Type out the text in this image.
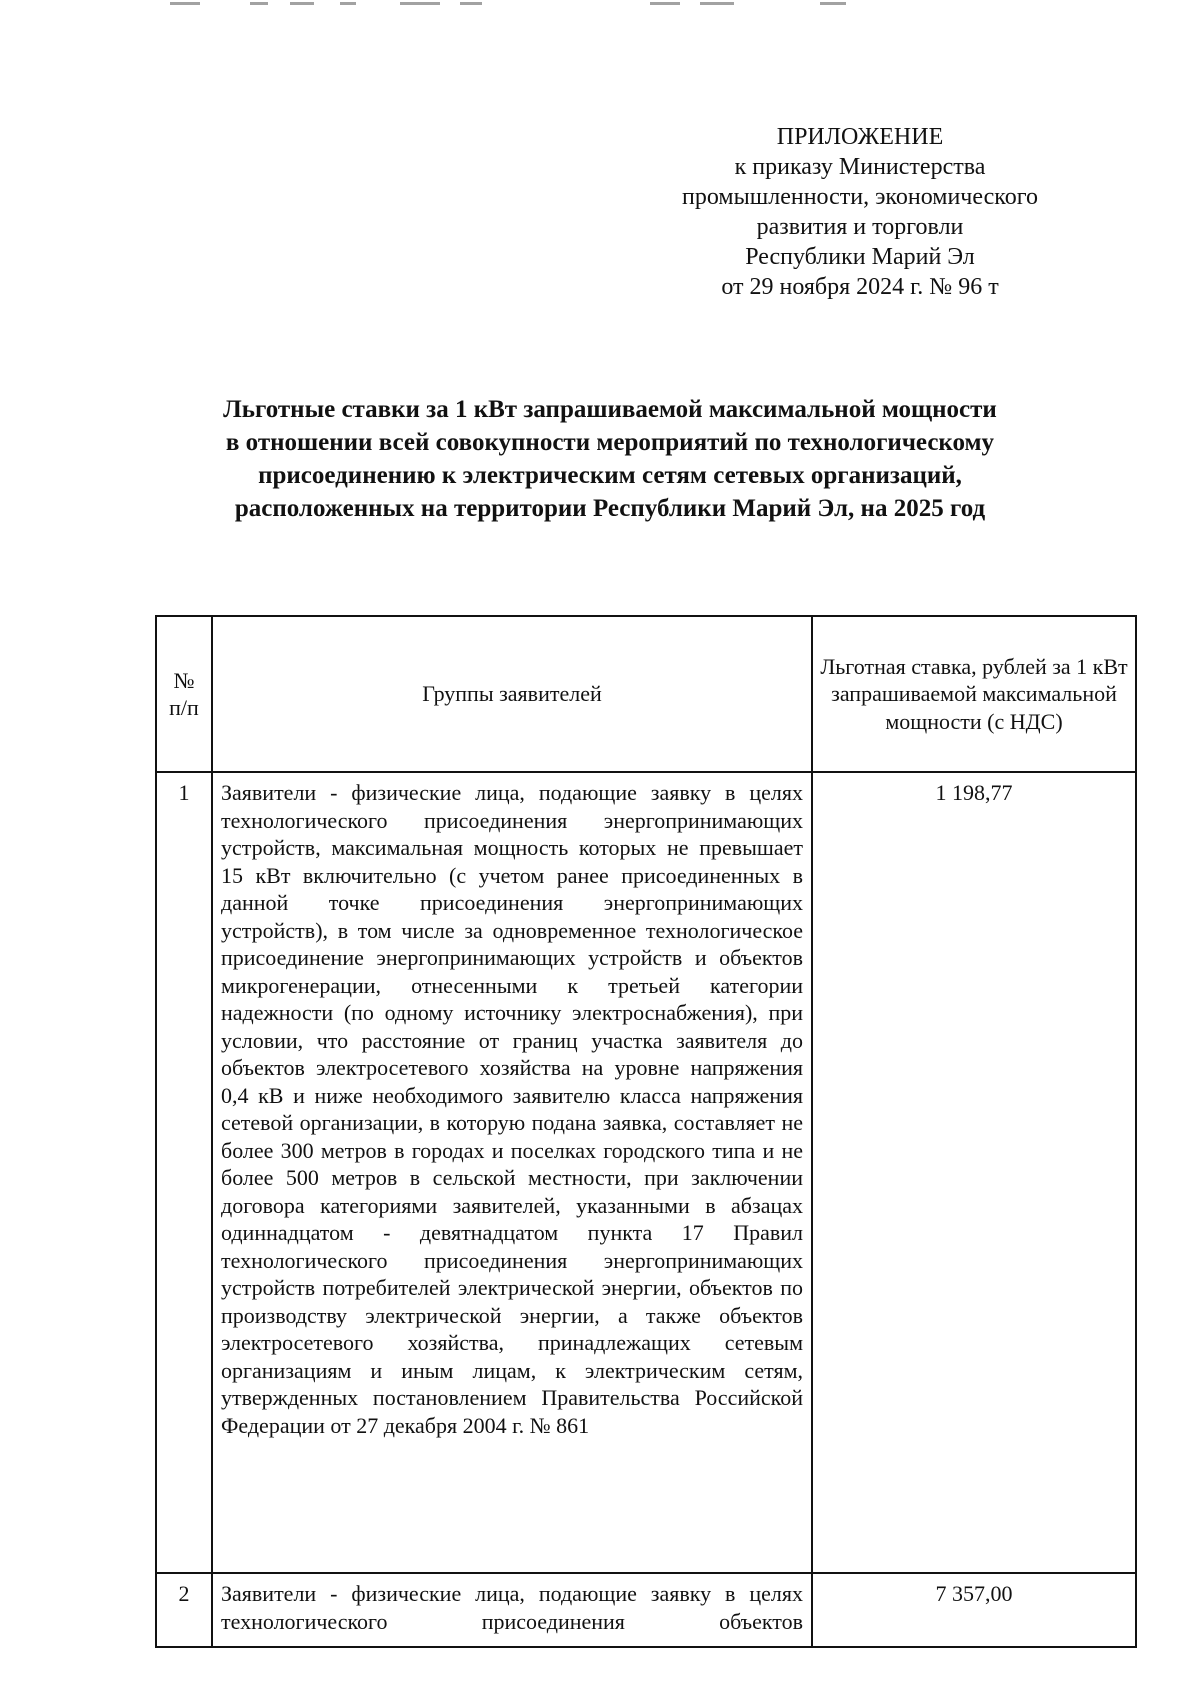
ПРИЛОЖЕНИЕ
к приказу Министерства
промышленности, экономического
развития и торговли
Республики Марий Эл
от 29 ноября 2024 г. № 96 т
Льготные ставки за 1 кВт запрашиваемой максимальной мощности
в отношении всей совокупности мероприятий по технологическому
присоединению к электрическим сетям сетевых организаций,
расположенных на территории Республики Марий Эл, на 2025 год
№ п/п	Группы заявителей	Льготная ставка, рублей за 1 кВт запрашиваемой максимальной мощности (с НДС)
1	Заявители - физические лица, подающие заявку в целях технологического присоединения энергопринимающих устройств, максимальная мощность которых не превышает 15 кВт включительно (с учетом ранее присоединенных в данной точке присоединения энергопринимающих устройств), в том числе за одновременное технологическое присоединение энергопринимающих устройств и объектов микрогенерации, отнесенными к третьей категории надежности (по одному источнику электроснабжения), при условии, что расстояние от границ участка заявителя до объектов электросетевого хозяйства на уровне напряжения 0,4 кВ и ниже необходимого заявителю класса напряжения сетевой организации, в которую подана заявка, составляет не более 300 метров в городах и поселках городского типа и не более 500 метров в сельской местности, при заключении договора категориями заявителей, указанными в абзацах одиннадцатом - девятнадцатом пункта 17 Правил технологического присоединения энергопринимающих устройств потребителей электрической энергии, объектов по производству электрической энергии, а также объектов электросетевого хозяйства, принадлежащих сетевым организациям и иным лицам, к электрическим сетям, утвержденных постановлением Правительства Российской Федерации от 27 декабря 2004 г. № 861	1 198,77
2	Заявители - физические лица, подающие заявку в целях технологического присоединения объектов	7 357,00
